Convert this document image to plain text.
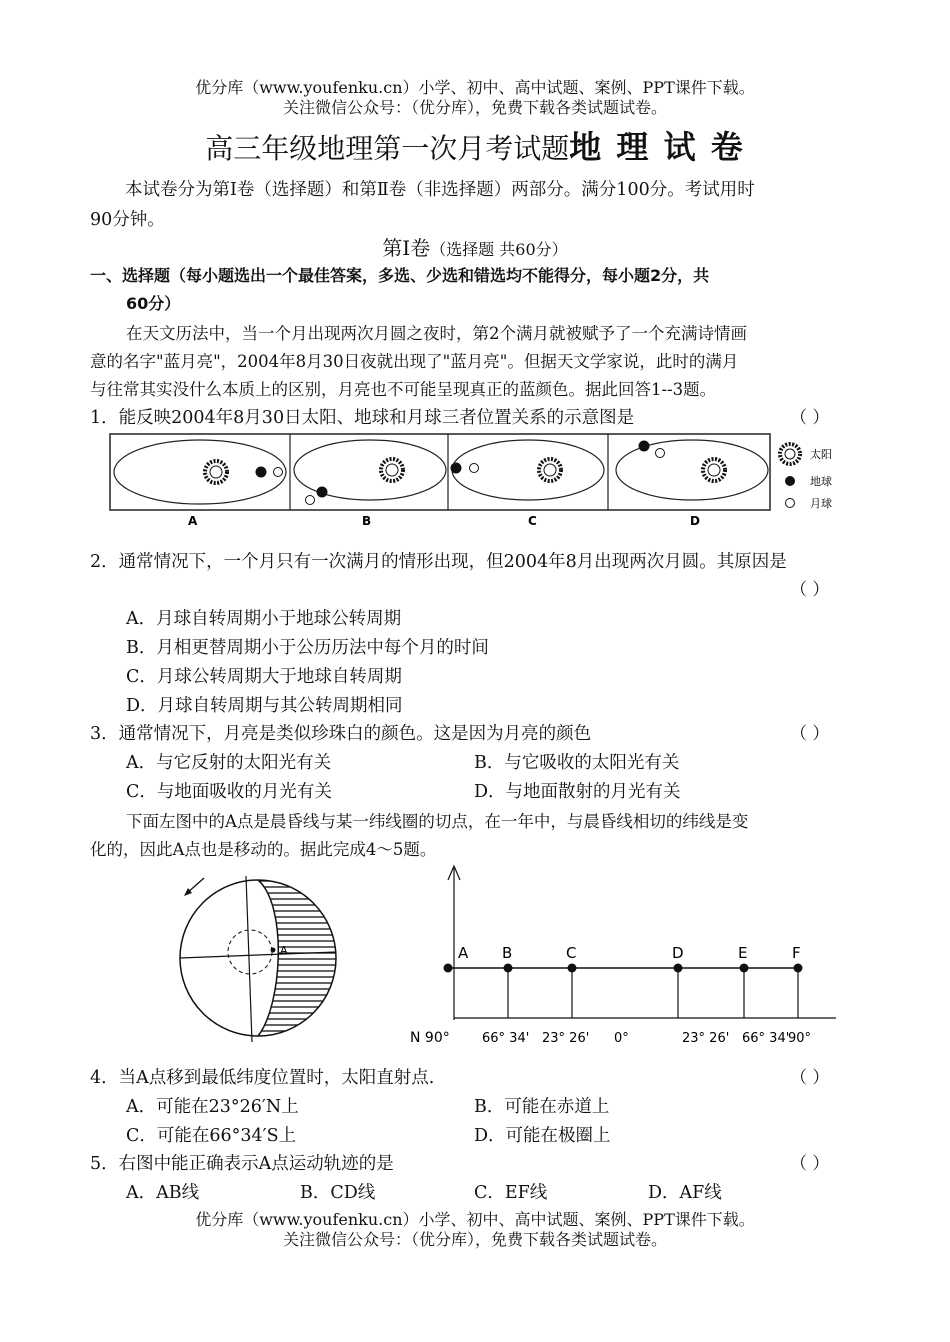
优分库（www.youfenku.cn）小学、初中、高中试题、案例、PPT课件下载。
关注微信公众号：（优分库），免费下载各类试题试卷。
高三年级地理第一次月考试题地 理 试 卷
本试卷分为第Ⅰ卷（选择题）和第Ⅱ卷（非选择题）两部分。满分100分。考试用时
90分钟。
第Ⅰ卷（选择题 共60分）
一、选择题（每小题选出一个最佳答案，多选、少选和错选均不能得分，每小题2分，共
60分）
在天文历法中，当一个月出现两次月圆之夜时，第2个满月就被赋予了一个充满诗情画
意的名字"蓝月亮"，2004年8月30日夜就出现了"蓝月亮"。但据天文学家说，此时的满月
与往常其实没什么本质上的区别，月亮也不可能呈现真正的蓝颜色。据此回答1--3题。
1．能反映2004年8月30日太阳、地球和月球三者位置关系的示意图是	（ ）
太阳
地球
月球
A	B	C	D
2．通常情况下，一个月只有一次满月的情形出现，但2004年8月出现两次月圆。其原因是
（ ）
A．月球自转周期小于地球公转周期
B．月相更替周期小于公历历法中每个月的时间
C．月球公转周期大于地球自转周期
D．月球自转周期与其公转周期相同
3．通常情况下，月亮是类似珍珠白的颜色。这是因为月亮的颜色	（ ）
A．与它反射的太阳光有关	B．与它吸收的太阳光有关
C．与地面吸收的月光有关	D．与地面散射的月光有关
下面左图中的A点是晨昏线与某一纬线圈的切点，在一年中，与晨昏线相切的纬线是变
化的，因此A点也是移动的。据此完成4～5题。
A	A B	C	D	E	F
66° 34' 23° 26' 0°	23° 26' 66° 34'
90°
N 90°
4．当A点移到最低纬度位置时，太阳直射点.	（ ）
A．可能在23°26′N上	B．可能在赤道上
C．可能在66°34′S上	D．可能在极圈上
5．右图中能正确表示A点运动轨迹的是	（ ）
A．AB线	B．CD线	C．EF线	D．AF线
优分库（www.youfenku.cn）小学、初中、高中试题、案例、PPT课件下载。
关注微信公众号：（优分库），免费下载各类试题试卷。
